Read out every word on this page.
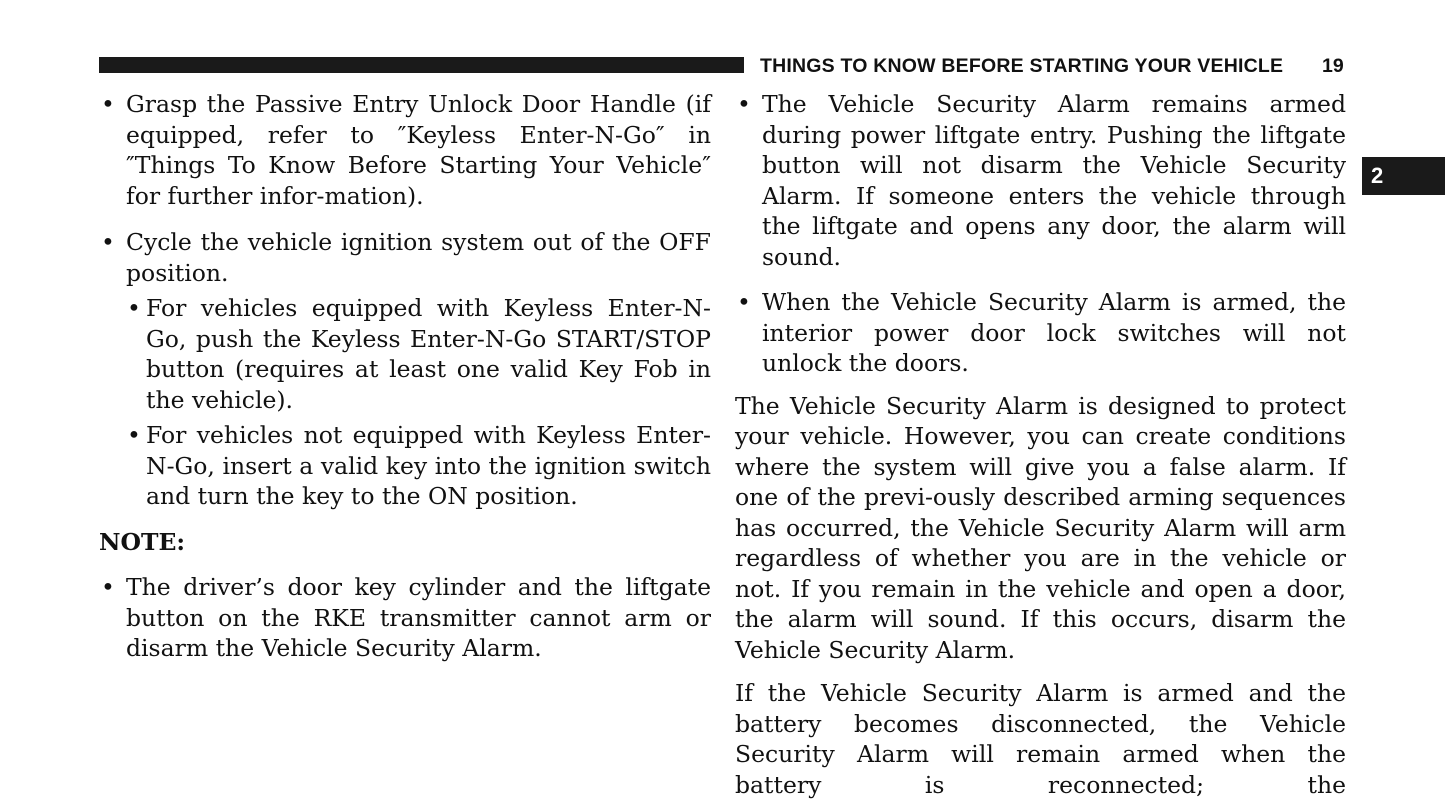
THINGS TO KNOW BEFORE STARTING YOUR VEHICLE 19
2
• Grasp the Passive Entry Unlock Door Handle (if equipped, refer to ″Keyless Enter-N-Go″ in ″Things To Know Before Starting Your Vehicle″ for further infor-mation).
• Cycle the vehicle ignition system out of the OFF position.
• For vehicles equipped with Keyless Enter-N-Go, push the Keyless Enter-N-Go START/STOP button (requires at least one valid Key Fob in the vehicle).
• For vehicles not equipped with Keyless Enter-N-Go, insert a valid key into the ignition switch and turn the key to the ON position.
NOTE:
• The driver’s door key cylinder and the liftgate button on the RKE transmitter cannot arm or disarm the Vehicle Security Alarm.
• The Vehicle Security Alarm remains armed during power liftgate entry. Pushing the liftgate button will not disarm the Vehicle Security Alarm. If someone enters the vehicle through the liftgate and opens any door, the alarm will sound.
• When the Vehicle Security Alarm is armed, the interior power door lock switches will not unlock the doors.
The Vehicle Security Alarm is designed to protect your vehicle. However, you can create conditions where the system will give you a false alarm. If one of the previ-ously described arming sequences has occurred, the Vehicle Security Alarm will arm regardless of whether you are in the vehicle or not. If you remain in the vehicle and open a door, the alarm will sound. If this occurs, disarm the Vehicle Security Alarm.
If the Vehicle Security Alarm is armed and the battery becomes disconnected, the Vehicle Security Alarm will remain armed when the battery is reconnected; the
